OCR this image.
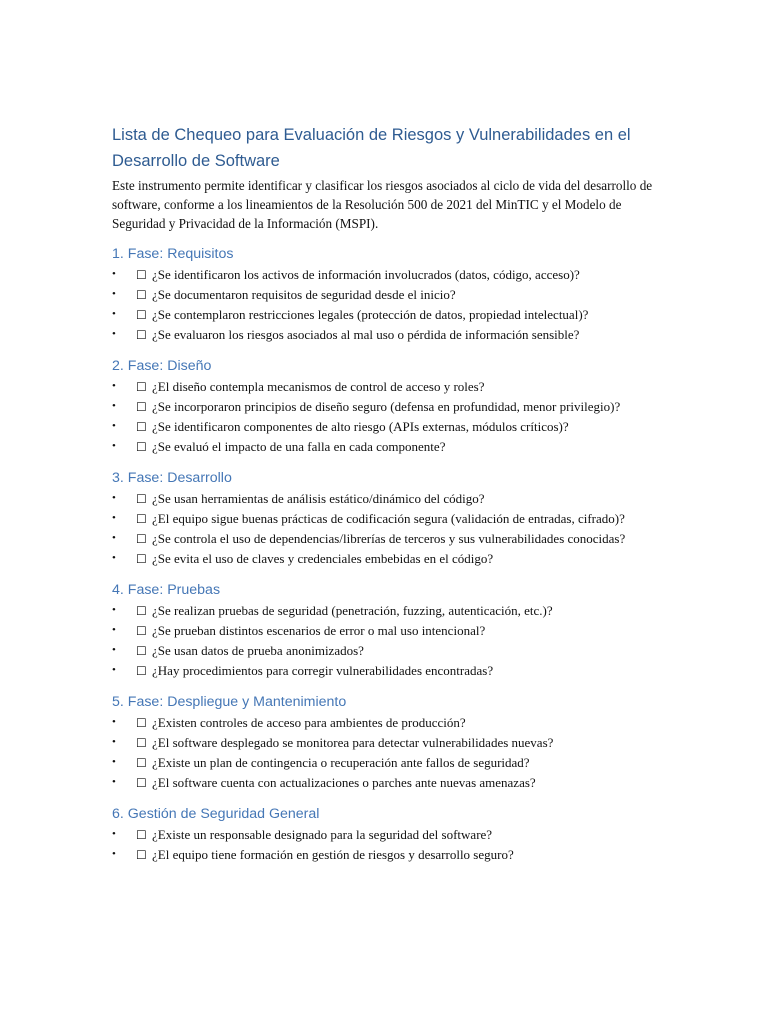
Lista de Chequeo para Evaluación de Riesgos y Vulnerabilidades en el Desarrollo de Software

Este instrumento permite identificar y clasificar los riesgos asociados al ciclo de vida del desarrollo de software, conforme a los lineamientos de la Resolución 500 de 2021 del MinTIC y el Modelo de Seguridad y Privacidad de la Información (MSPI).

1. Fase: Requisitos
•	☐ ¿Se identificaron los activos de información involucrados (datos, código, acceso)?
•	☐ ¿Se documentaron requisitos de seguridad desde el inicio?
•	☐ ¿Se contemplaron restricciones legales (protección de datos, propiedad intelectual)?
•	☐ ¿Se evaluaron los riesgos asociados al mal uso o pérdida de información sensible?
2. Fase: Diseño
•	☐ ¿El diseño contempla mecanismos de control de acceso y roles?
•	☐ ¿Se incorporaron principios de diseño seguro (defensa en profundidad, menor privilegio)?
•	☐ ¿Se identificaron componentes de alto riesgo (APIs externas, módulos críticos)?
•	☐ ¿Se evaluó el impacto de una falla en cada componente?
3. Fase: Desarrollo
•	☐ ¿Se usan herramientas de análisis estático/dinámico del código?
•	☐ ¿El equipo sigue buenas prácticas de codificación segura (validación de entradas, cifrado)?
•	☐ ¿Se controla el uso de dependencias/librerías de terceros y sus vulnerabilidades conocidas?
•	☐ ¿Se evita el uso de claves y credenciales embebidas en el código?
4. Fase: Pruebas
•	☐ ¿Se realizan pruebas de seguridad (penetración, fuzzing, autenticación, etc.)?
•	☐ ¿Se prueban distintos escenarios de error o mal uso intencional?
•	☐ ¿Se usan datos de prueba anonimizados?
•	☐ ¿Hay procedimientos para corregir vulnerabilidades encontradas?
5. Fase: Despliegue y Mantenimiento
•	☐ ¿Existen controles de acceso para ambientes de producción?
•	☐ ¿El software desplegado se monitorea para detectar vulnerabilidades nuevas?
•	☐ ¿Existe un plan de contingencia o recuperación ante fallos de seguridad?
•	☐ ¿El software cuenta con actualizaciones o parches ante nuevas amenazas?
6. Gestión de Seguridad General
•	☐ ¿Existe un responsable designado para la seguridad del software?
•	☐ ¿El equipo tiene formación en gestión de riesgos y desarrollo seguro?
